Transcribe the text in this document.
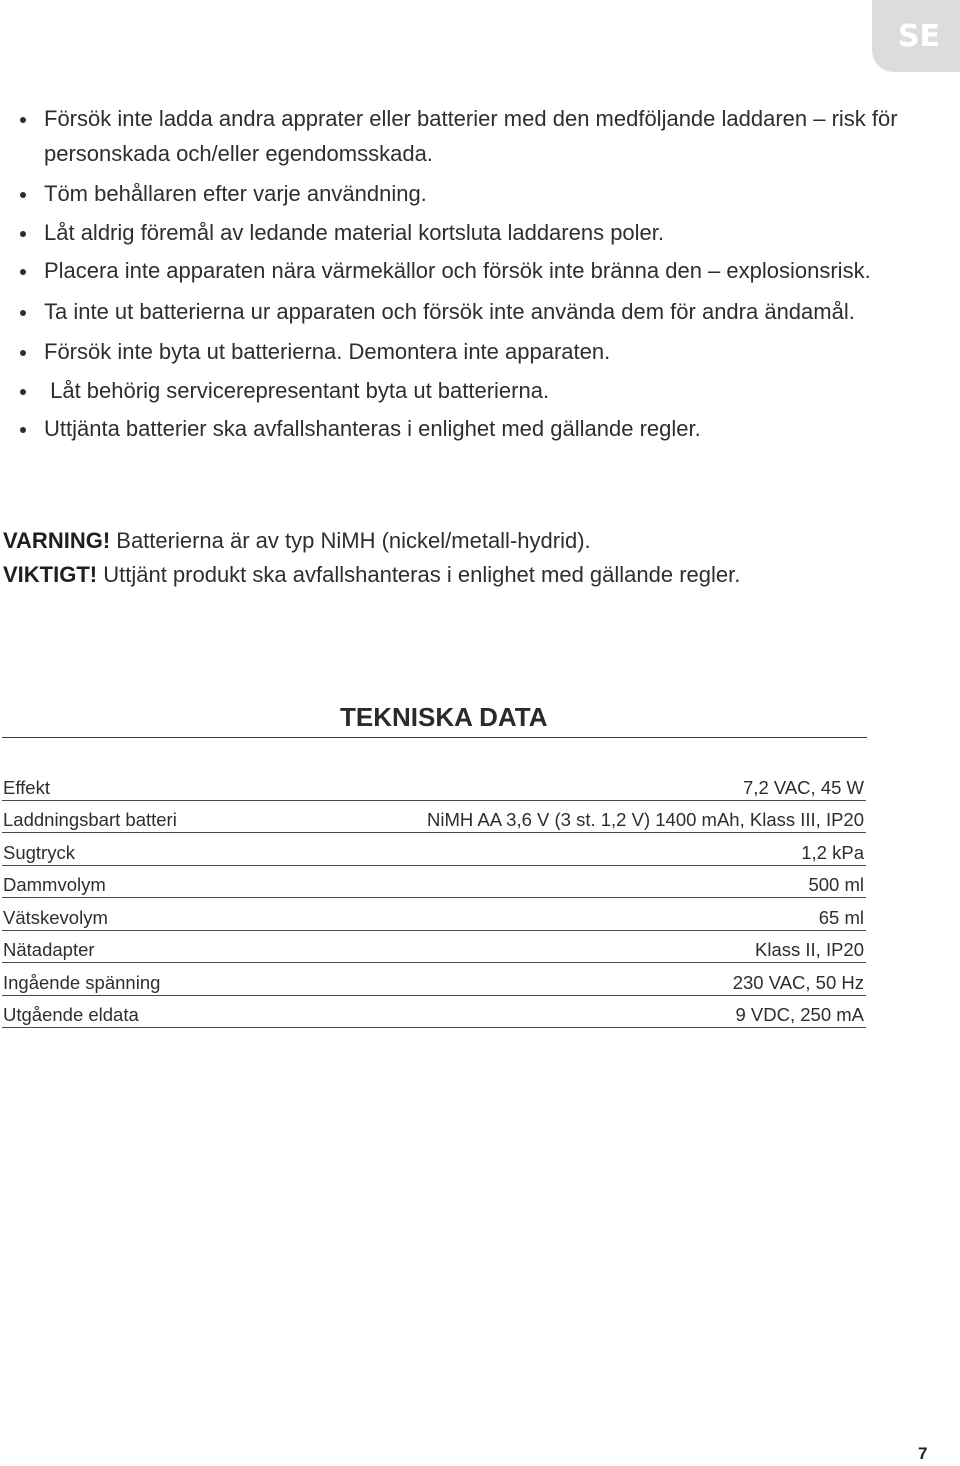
SE
Försök inte ladda andra apprater eller batterier med den medföljande laddaren – risk för personskada och/eller egendomsskada.
Töm behållaren efter varje användning.
Låt aldrig föremål av ledande material kortsluta laddarens poler.
Placera inte apparaten nära värmekällor och försök inte bränna den – explosionsrisk.
Ta inte ut batterierna ur apparaten och försök inte använda dem för andra ändamål.
Försök inte byta ut batterierna. Demontera inte apparaten.
Låt behörig servicerepresentant byta ut batterierna.
Uttjänta batterier ska avfallshanteras i enlighet med gällande regler.
VARNING! Batterierna är av typ NiMH (nickel/metall-hydrid).
VIKTIGT! Uttjänt produkt ska avfallshanteras i enlighet med gällande regler.
TEKNISKA DATA
Effekt	7,2 VAC, 45 W
Laddningsbart batteri	NiMH AA 3,6 V (3 st. 1,2 V) 1400 mAh, Klass III, IP20
Sugtryck	1,2 kPa
Dammvolym	500 ml
Vätskevolym	65 ml
Nätadapter	Klass II, IP20
Ingående spänning	230 VAC, 50 Hz
Utgående eldata	9 VDC, 250 mA
7
